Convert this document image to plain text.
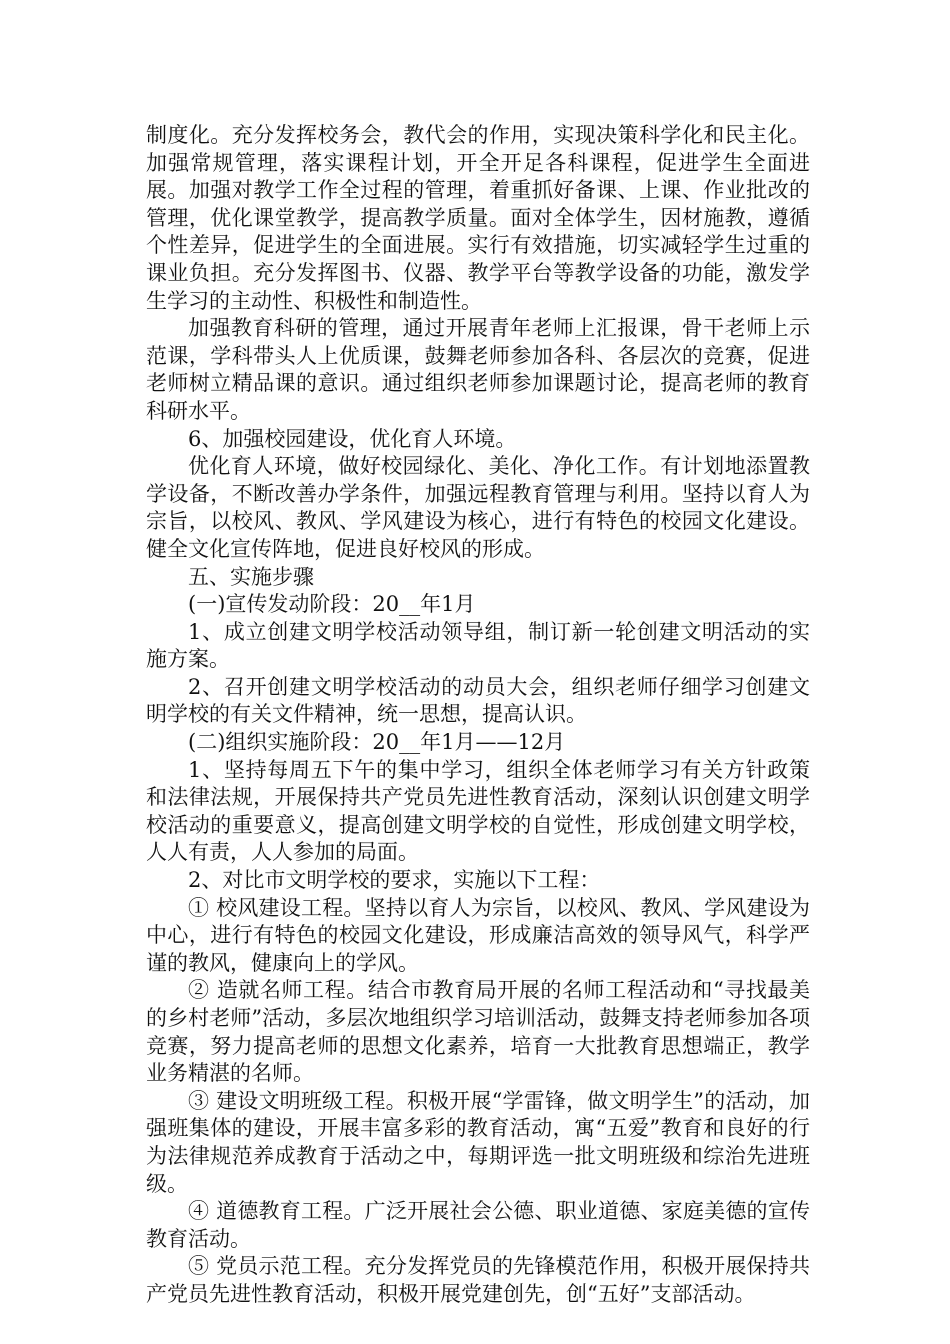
制度化。充分发挥校务会，教代会的作用，实现决策科学化和民主化。加强常规管理，落实课程计划，开全开足各科课程，促进学生全面进展。加强对教学工作全过程的管理，着重抓好备课、上课、作业批改的管理，优化课堂教学，提高教学质量。面对全体学生，因材施教，遵循个性差异，促进学生的全面进展。实行有效措施，切实减轻学生过重的课业负担。充分发挥图书、仪器、教学平台等教学设备的功能，激发学生学习的主动性、积极性和制造性。

加强教育科研的管理，通过开展青年老师上汇报课，骨干老师上示范课，学科带头人上优质课，鼓舞老师参加各科、各层次的竞赛，促进老师树立精品课的意识。通过组织老师参加课题讨论，提高老师的教育科研水平。

6、加强校园建设，优化育人环境。

优化育人环境，做好校园绿化、美化、净化工作。有计划地添置教学设备，不断改善办学条件，加强远程教育管理与利用。坚持以育人为宗旨，以校风、教风、学风建设为核心，进行有特色的校园文化建设。健全文化宣传阵地，促进良好校风的形成。

五、实施步骤

(一)宣传发动阶段：20__年1月

1、成立创建文明学校活动领导组，制订新一轮创建文明活动的实施方案。

2、召开创建文明学校活动的动员大会，组织老师仔细学习创建文明学校的有关文件精神，统一思想，提高认识。

(二)组织实施阶段：20__年1月——12月

1、坚持每周五下午的集中学习，组织全体老师学习有关方针政策和法律法规，开展保持共产党员先进性教育活动，深刻认识创建文明学校活动的重要意义，提高创建文明学校的自觉性，形成创建文明学校，人人有责，人人参加的局面。

2、对比市文明学校的要求，实施以下工程：

① 校风建设工程。坚持以育人为宗旨，以校风、教风、学风建设为中心，进行有特色的校园文化建设，形成廉洁高效的领导风气，科学严谨的教风，健康向上的学风。

② 造就名师工程。结合市教育局开展的名师工程活动和“寻找最美的乡村老师”活动，多层次地组织学习培训活动，鼓舞支持老师参加各项竞赛，努力提高老师的思想文化素养，培育一大批教育思想端正，教学业务精湛的名师。

③ 建设文明班级工程。积极开展“学雷锋，做文明学生”的活动，加强班集体的建设，开展丰富多彩的教育活动，寓“五爱”教育和良好的行为法律规范养成教育于活动之中，每期评选一批文明班级和综治先进班级。

④ 道德教育工程。广泛开展社会公德、职业道德、家庭美德的宣传教育活动。

⑤ 党员示范工程。充分发挥党员的先锋模范作用，积极开展保持共产党员先进性教育活动，积极开展党建创先，创“五好”支部活动。
